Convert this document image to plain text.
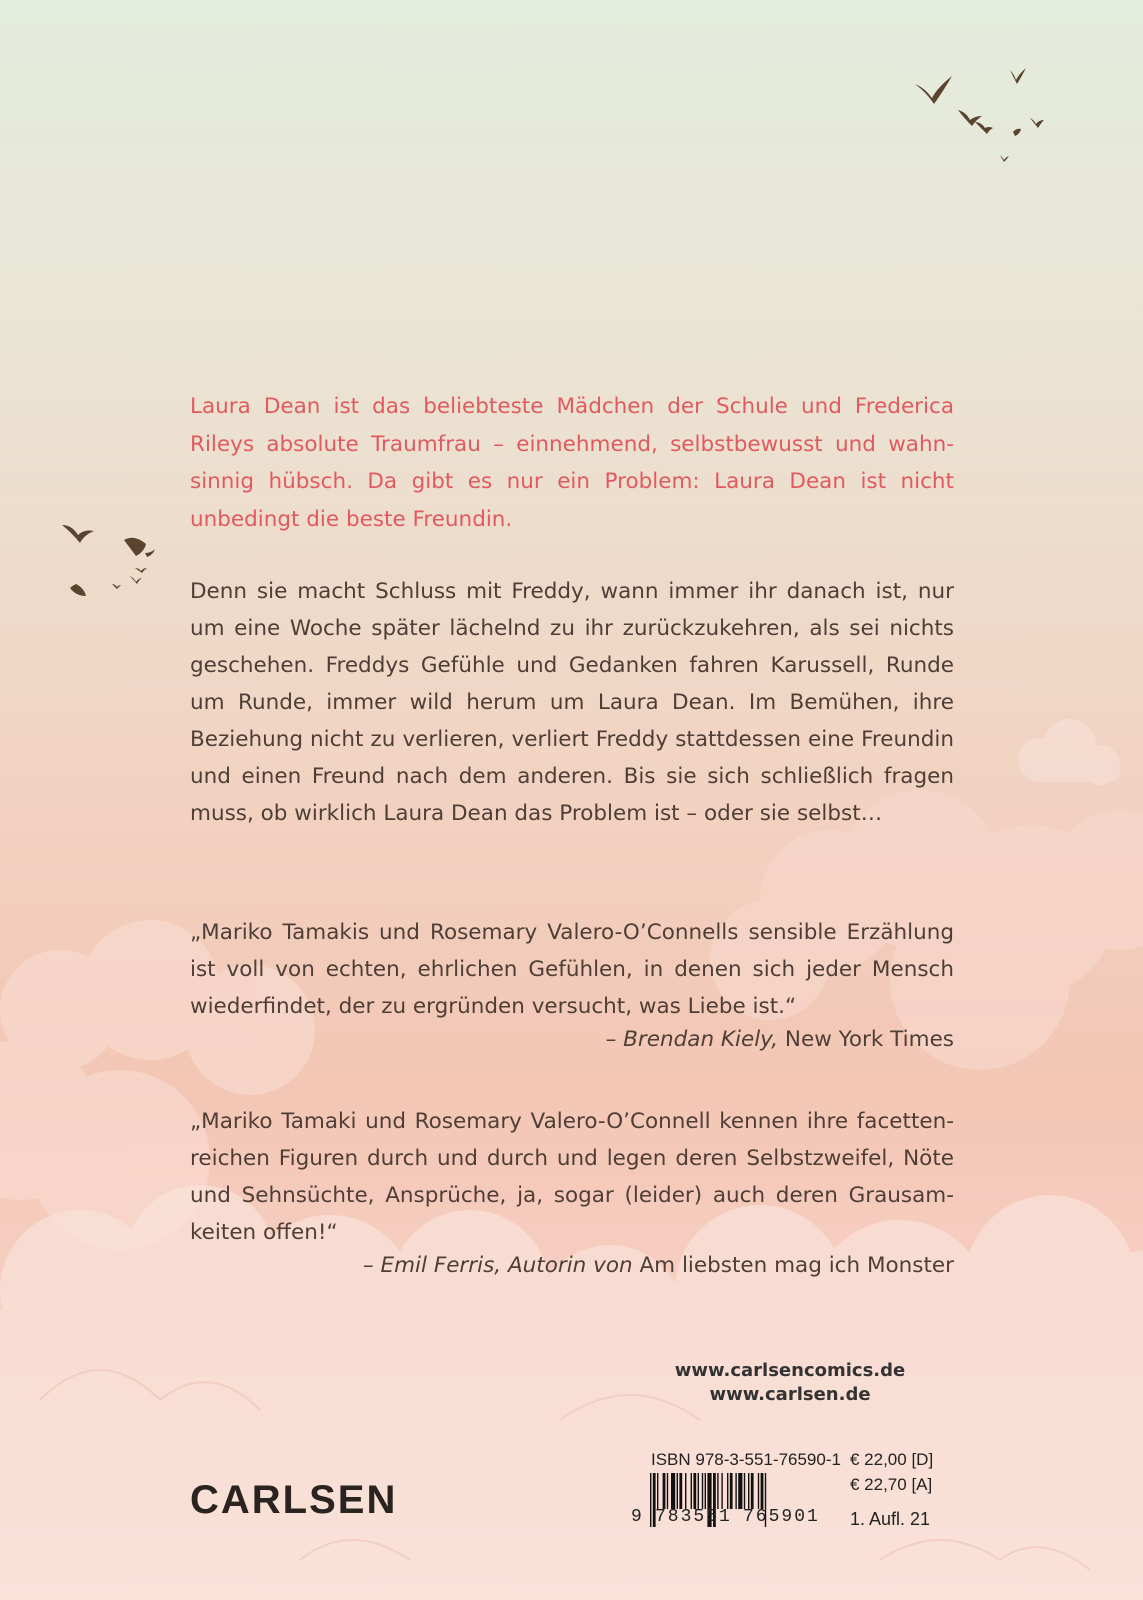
Laura Dean ist das beliebteste Mädchen der Schule und Frederica Rileys absolute Traumfrau – einnehmend, selbstbewusst und wahnsinnig hübsch. Da gibt es nur ein Problem: Laura Dean ist nicht unbedingt die beste Freundin.

Denn sie macht Schluss mit Freddy, wann immer ihr danach ist, nur um eine Woche später lächelnd zu ihr zurückzukehren, als sei nichts geschehen. Freddys Gefühle und Gedanken fahren Karussell, Runde um Runde, immer wild herum um Laura Dean. Im Bemühen, ihre Beziehung nicht zu verlieren, verliert Freddy stattdessen eine Freundin und einen Freund nach dem anderen. Bis sie sich schließlich fragen muss, ob wirklich Laura Dean das Problem ist – oder sie selbst…

„Mariko Tamakis und Rosemary Valero-O’Connells sensible Erzählung ist voll von echten, ehrlichen Gefühlen, in denen sich jeder Mensch wiederfindet, der zu ergründen versucht, was Liebe ist.“

– Brendan Kiely, New York Times

„Mariko Tamaki und Rosemary Valero-O’Connell kennen ihre facettenreichen Figuren durch und durch und legen deren Selbstzweifel, Nöte und Sehnsüchte, Ansprüche, ja, sogar (leider) auch deren Grausamkeiten offen!“

– Emil Ferris, Autorin von Am liebsten mag ich Monster
www.carlsencomics.de
www.carlsen.de
ISBN 978-3-551-76590-1 € 22,00 [D]
€ 22,70 [A]
1. Aufl. 21
9 783551 765901
CARLSEN
